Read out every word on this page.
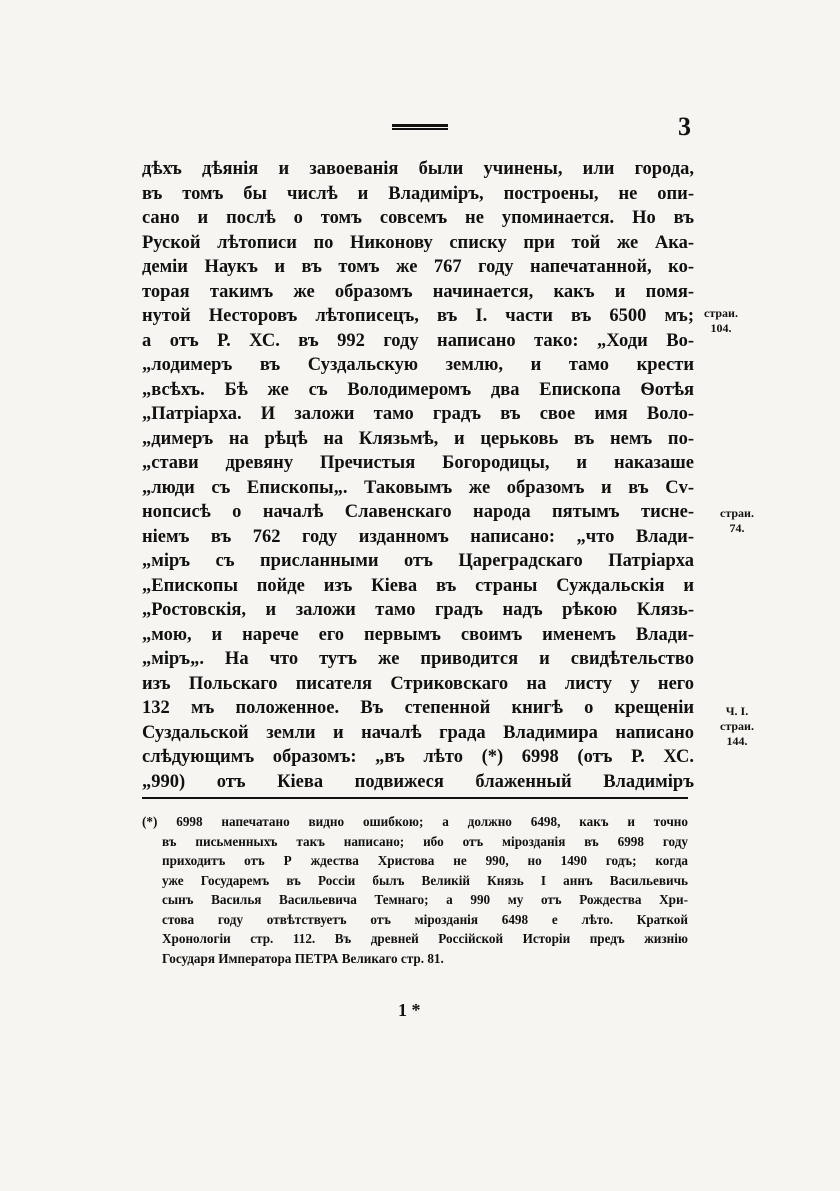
3
дѣхъ дѣянія и завоеванія были учинены, или города,
въ томъ бы числѣ и Владиміръ, построены, не опи-
сано и послѣ о томъ совсемъ не упоминается. Но въ
Руской лѣтописи по Никонову списку при той же Ака-
деміи Наукъ и въ томъ же 767 году напечатанной, ко-
торая такимъ же образомъ начинается, какъ и помя-
нутой Несторовъ лѣтописецъ, въ I. части въ 6500 мъ;
а отъ Р. ХС. въ 992 году написано тако: „Ходи Во-
„лодимеръ въ Суздальскую землю, и тамо крести
„всѣхъ. Бѣ же съ Володимеромъ два Епископа Ѳотѣя
„Патріарха. И заложи тамо градъ въ свое имя Воло-
„димеръ на рѣцѣ на Клязьмѣ, и церьковь въ немъ по-
„стави древяну Пречистыя Богородицы, и наказаше
„люди съ Епископы„. Таковымъ же образомъ и въ Сv-
нопсисѣ о началѣ Славенскаго народа пятымъ тисне-
ніемъ въ 762 году изданномъ написано: „что Влади-
„міръ съ присланными отъ Цареградскаго Патріарха
„Епископы пойде изъ Кіева въ страны Суждальскія и
„Ростовскія, и заложи тамо градъ надъ рѣкою Клязь-
„мою, и нарече его первымъ своимъ именемъ Влади-
„міръ„. На что тутъ же приводится и свидѣтельство
изъ Польскаго писателя Стриковскаго на листу у него
132 мъ положенное. Въ степенной книгѣ о крещеніи
Суздальской земли и началѣ града Владимира написано
слѣдующимъ образомъ: „въ лѣто (*) 6998 (отъ Р. ХС.
„990) отъ Кіева подвижеся блаженный Владиміръ
страи.
104.
страи.
74.
Ч. I.
страи.
144.
(*) 6998 напечатано видно ошибкою; а должно 6498, какъ и точно
въ письменныхъ такъ написано; ибо отъ мірозданія въ 6998 году
приходитъ отъ Р ждества Христова не 990, но 1490 годъ; когда
уже Государемъ въ Россіи былъ Великій Князь I аннъ Васильевичь
сынъ Василья Васильевича Темнаго; а 990 му отъ Рождества Хри-
стова году отвѣтствуетъ отъ мірозданія 6498 е лѣто. Краткой
Хронологіи стр. 112. Въ древней Россійской Исторіи предъ жизнію
Государя Императора ПЕТРА Великаго стр. 81.
1 *
